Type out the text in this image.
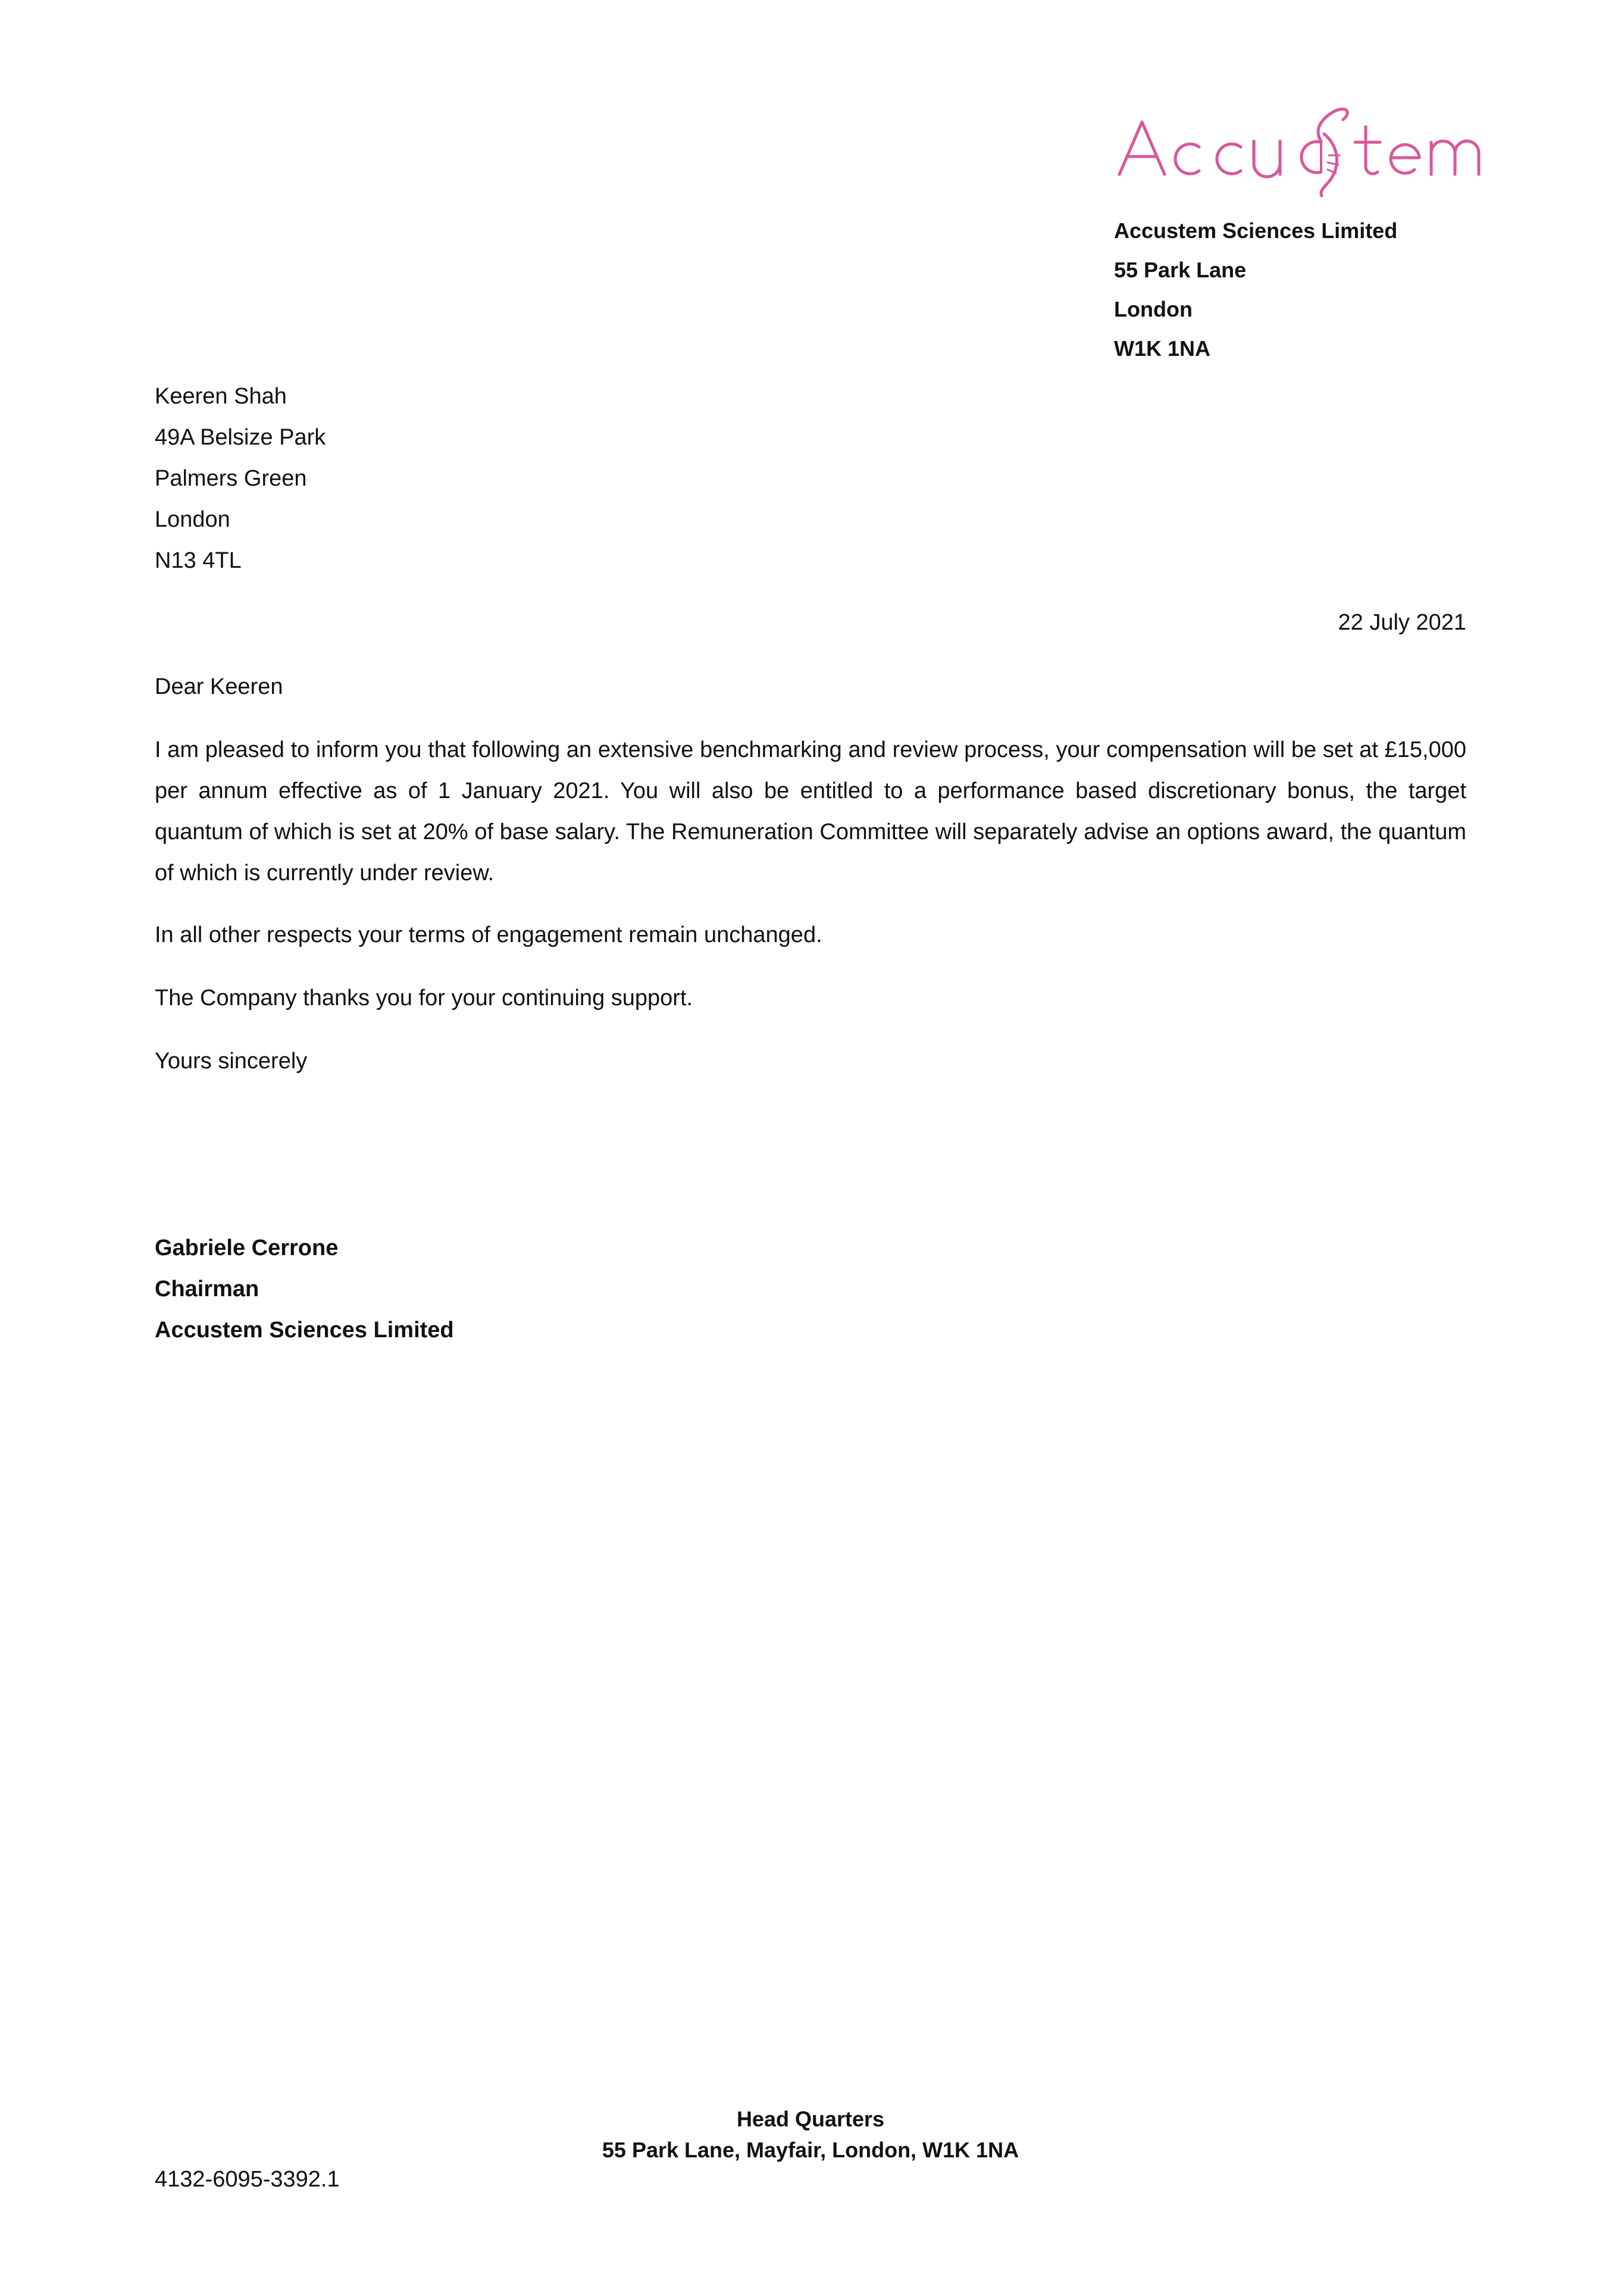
Accustem Sciences Limited
55 Park Lane
London
W1K 1NA
Keeren Shah
49A Belsize Park
Palmers Green
London
N13 4TL
22 July 2021
Dear Keeren
I am pleased to inform you that following an extensive benchmarking and review process, your compensation will be set at £15,000 per annum effective as of 1 January 2021. You will also be entitled to a performance based discretionary bonus, the target quantum of which is set at 20% of base salary. The Remuneration Committee will separately advise an options award, the quantum of which is currently under review.
In all other respects your terms of engagement remain unchanged.
The Company thanks you for your continuing support.
Yours sincerely
Gabriele Cerrone
Chairman
Accustem Sciences Limited
Head Quarters
55 Park Lane, Mayfair, London, W1K 1NA
4132-6095-3392.1
